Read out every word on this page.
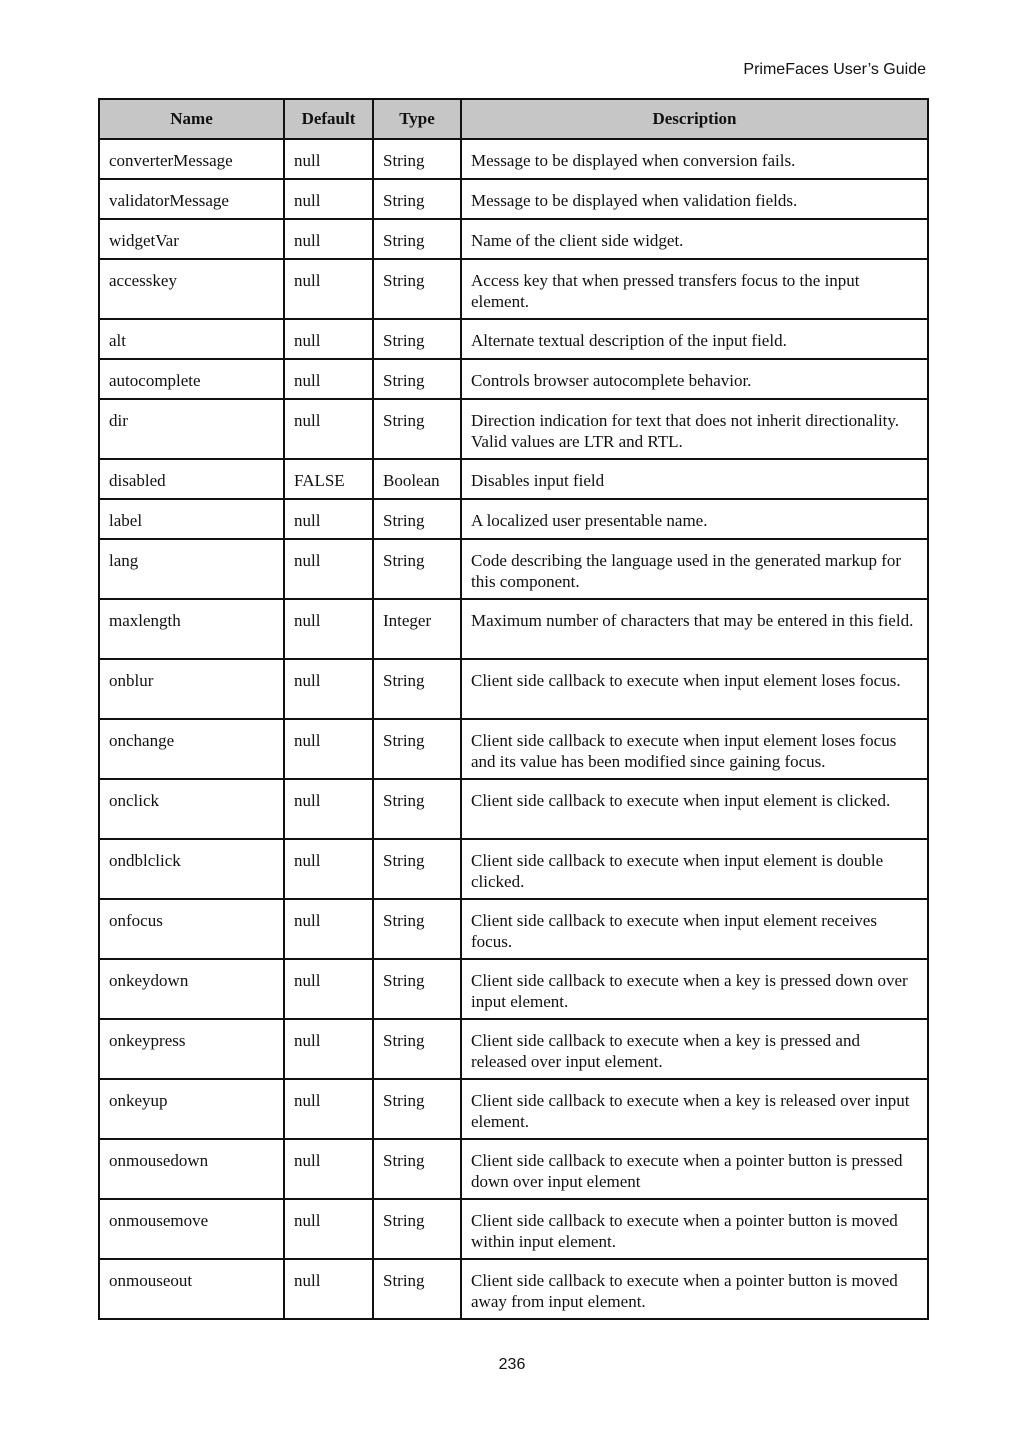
PrimeFaces User’s Guide
Name	Default	Type	Description
converterMessage	null	String	Message to be displayed when conversion fails.
validatorMessage	null	String	Message to be displayed when validation fields.
widgetVar	null	String	Name of the client side widget.
accesskey	null	String	Access key that when pressed transfers focus to the input element.
alt	null	String	Alternate textual description of the input field.
autocomplete	null	String	Controls browser autocomplete behavior.
dir	null	String	Direction indication for text that does not inherit directionality. Valid values are LTR and RTL.
disabled	FALSE	Boolean	Disables input field
label	null	String	A localized user presentable name.
lang	null	String	Code describing the language used in the generated markup for this component.
maxlength	null	Integer	Maximum number of characters that may be entered in this field.
onblur	null	String	Client side callback to execute when input element loses focus.
onchange	null	String	Client side callback to execute when input element loses focus and its value has been modified since gaining focus.
onclick	null	String	Client side callback to execute when input element is clicked.
ondblclick	null	String	Client side callback to execute when input element is double clicked.
onfocus	null	String	Client side callback to execute when input element receives focus.
onkeydown	null	String	Client side callback to execute when a key is pressed down over input element.
onkeypress	null	String	Client side callback to execute when a key is pressed and released over input element.
onkeyup	null	String	Client side callback to execute when a key is released over input element.
onmousedown	null	String	Client side callback to execute when a pointer button is pressed down over input element
onmousemove	null	String	Client side callback to execute when a pointer button is moved within input element.
onmouseout	null	String	Client side callback to execute when a pointer button is moved away from input element.
236
